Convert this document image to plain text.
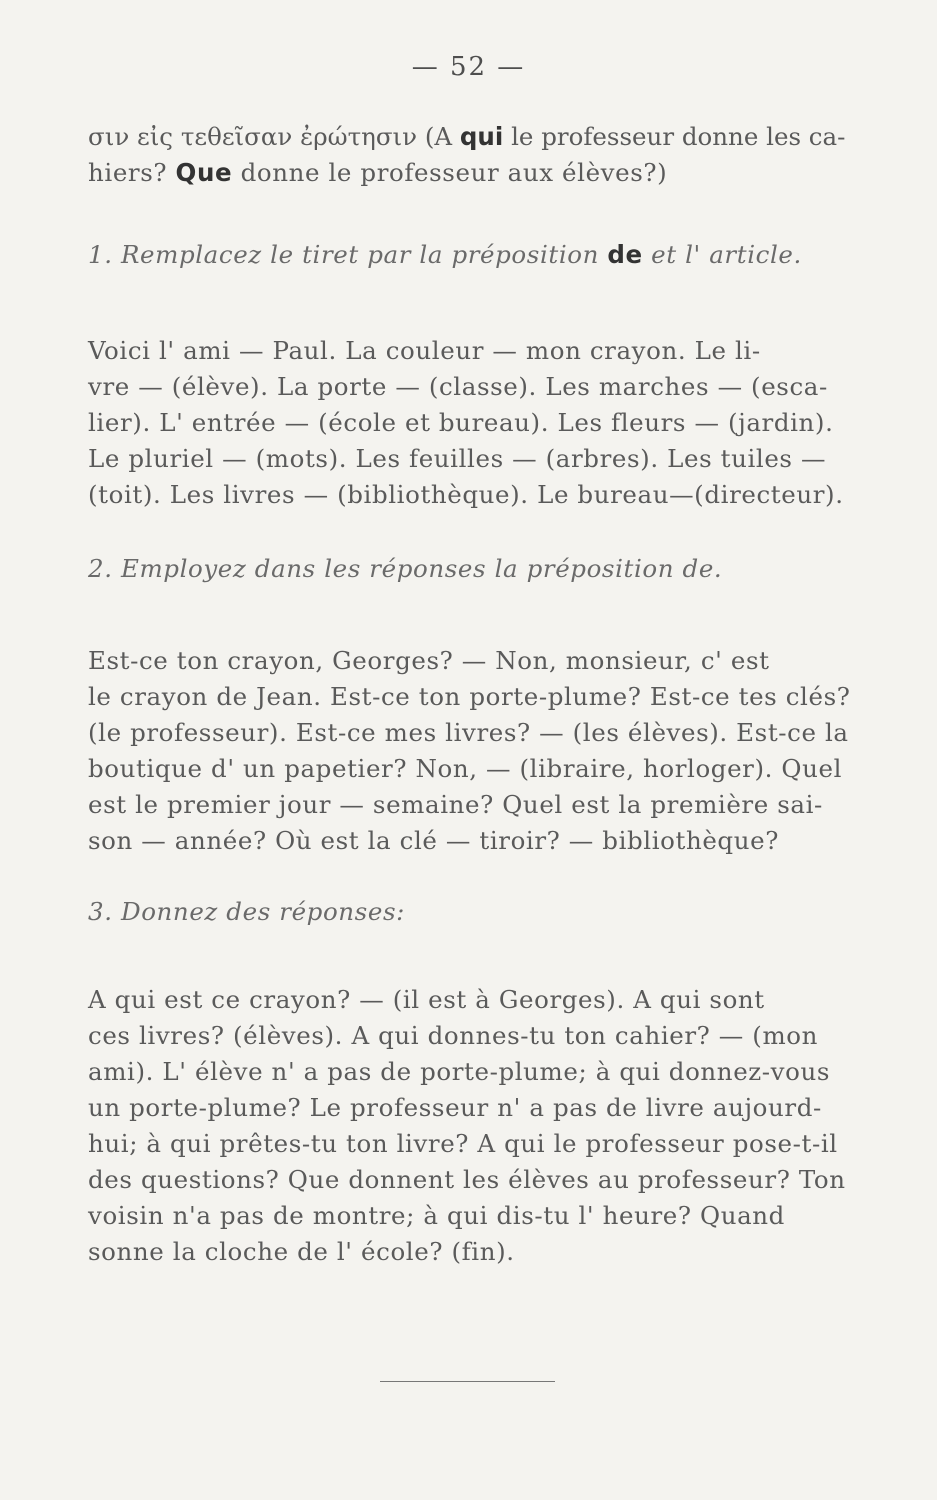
— 52 —
σιν εἰς τεθεῖσαν ἐρώτησιν (A qui le professeur donne les ca-
hiers? Que donne le professeur aux élèves?)
1. Remplacez le tiret par la préposition de et l' article.
Voici l' ami — Paul. La couleur — mon crayon. Le li-
vre — (élève). La porte — (classe). Les marches — (esca-
lier). L' entrée — (école et bureau). Les fleurs — (jardin).
Le pluriel — (mots). Les feuilles — (arbres). Les tuiles —
(toit). Les livres — (bibliothèque). Le bureau—(directeur).
2. Employez dans les réponses la préposition de.
Est-ce ton crayon, Georges? — Non, monsieur, c' est
le crayon de Jean. Est-ce ton porte-plume? Est-ce tes clés?
(le professeur). Est-ce mes livres? — (les élèves). Est-ce la
boutique d' un papetier? Non, — (libraire, horloger). Quel
est le premier jour — semaine? Quel est la première sai-
son — année? Où est la clé — tiroir? — bibliothèque?
3. Donnez des réponses:
A qui est ce crayon? — (il est à Georges). A qui sont
ces livres? (élèves). A qui donnes-tu ton cahier? — (mon
ami). L' élève n' a pas de porte-plume; à qui donnez-vous
un porte-plume? Le professeur n' a pas de livre aujourd-
hui; à qui prêtes-tu ton livre? A qui le professeur pose-t-il
des questions? Que donnent les élèves au professeur? Ton
voisin n'a pas de montre; à qui dis-tu l' heure? Quand
sonne la cloche de l' école? (fin).
